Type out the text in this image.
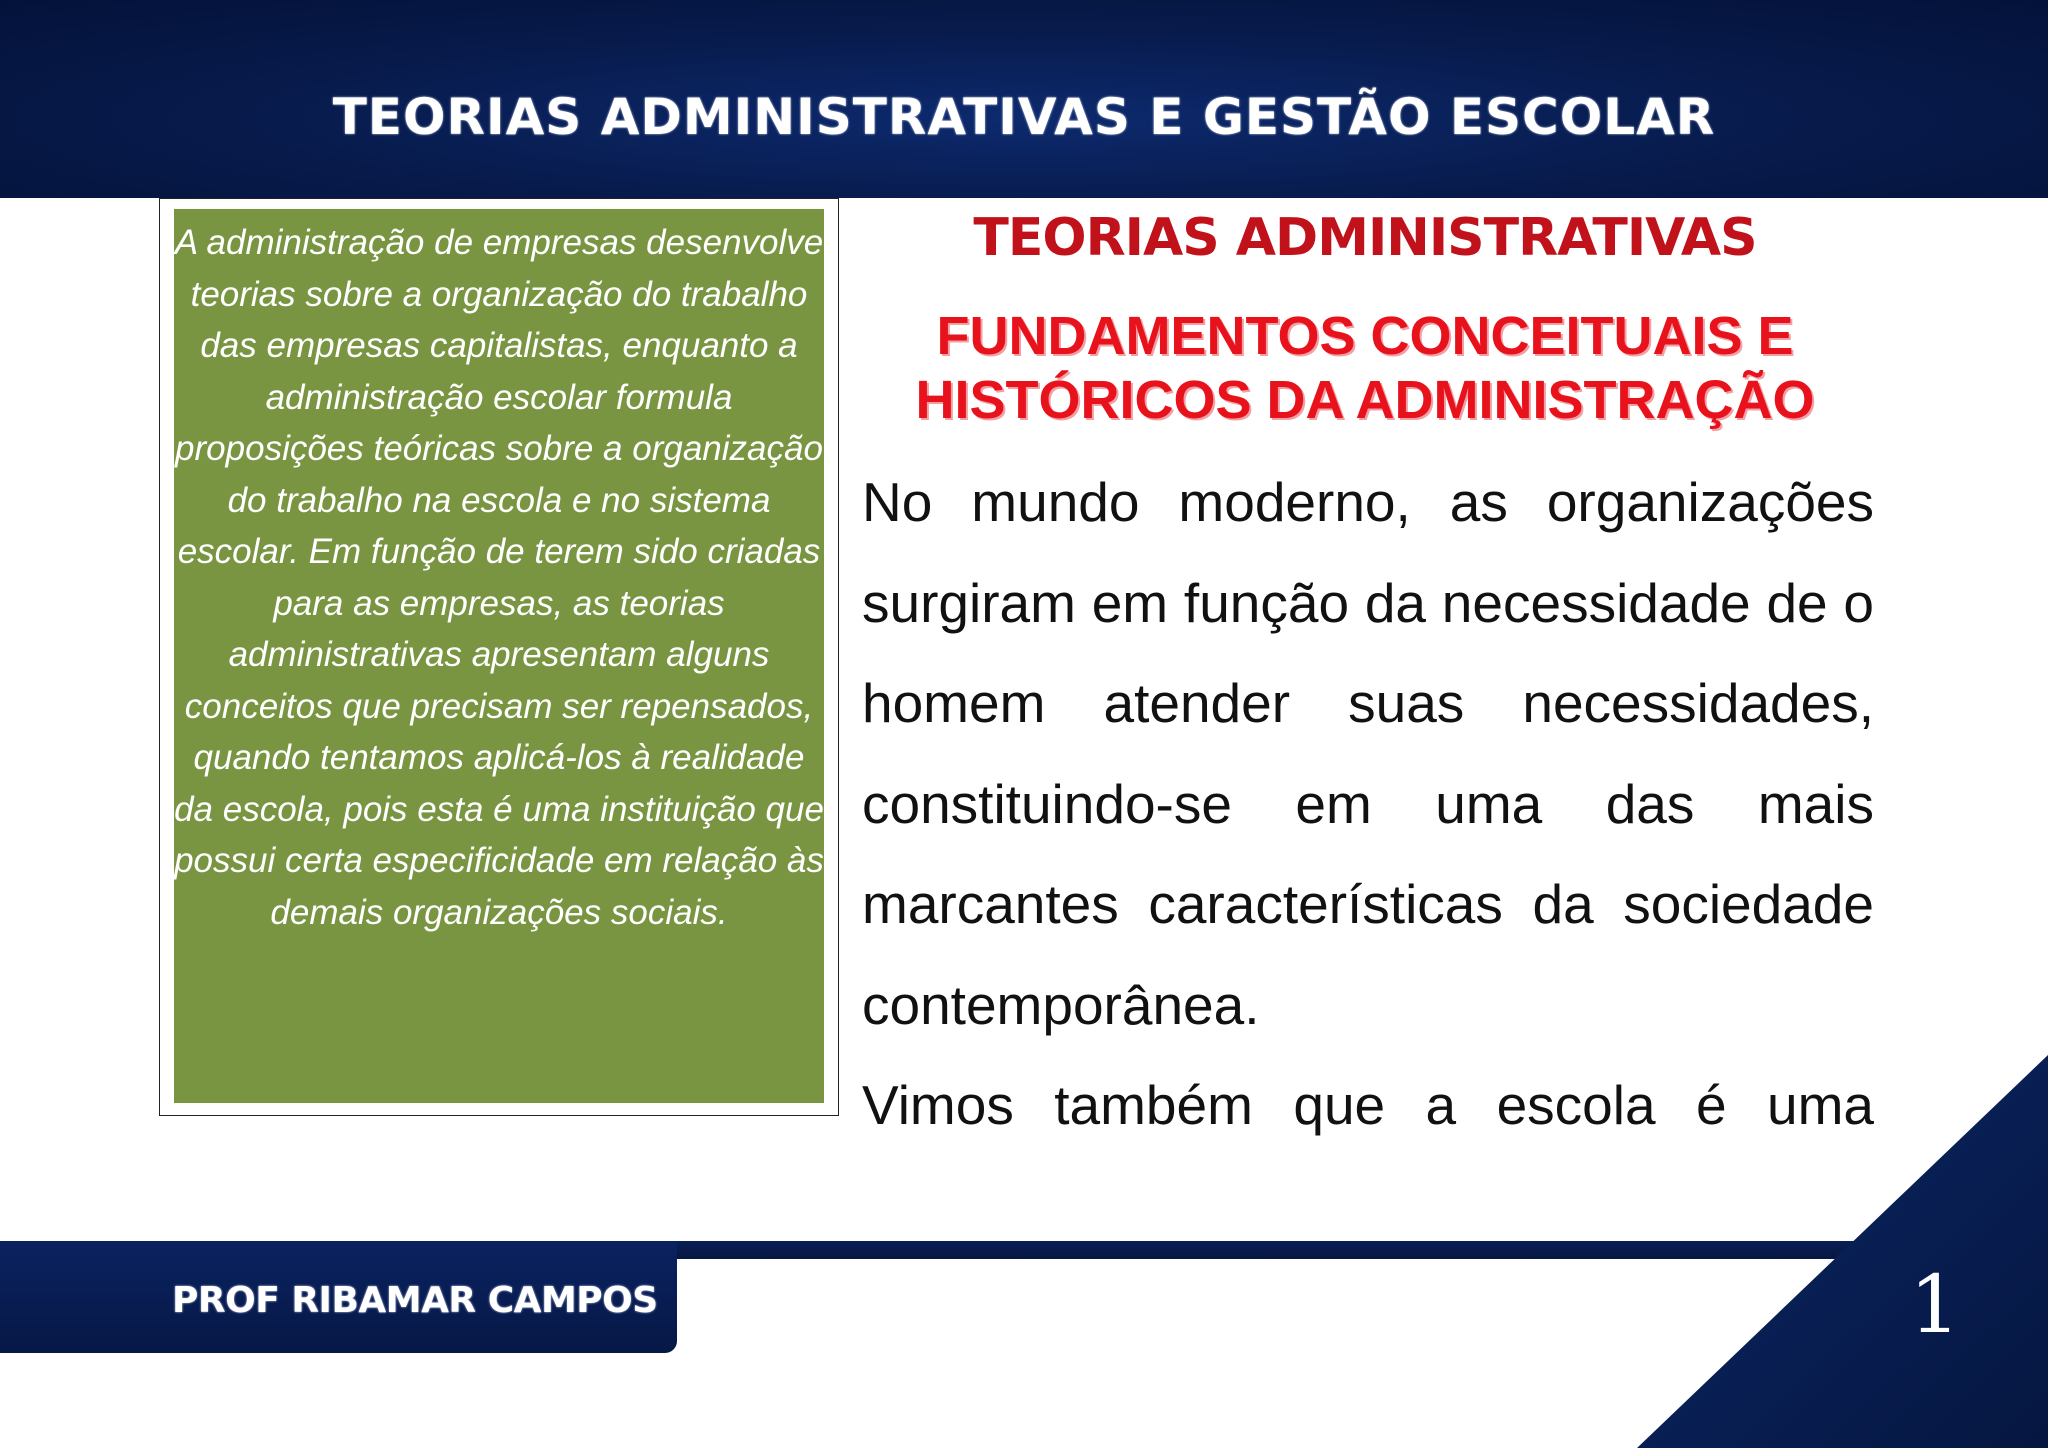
TEORIAS ADMINISTRATIVAS E GESTÃO ESCOLAR
A administração de empresas desenvolve teorias sobre a organização do trabalho das empresas capitalistas, enquanto a administração escolar formula proposições teóricas sobre a organização do trabalho na escola e no sistema escolar. Em função de terem sido criadas para as empresas, as teorias administrativas apresentam alguns conceitos que precisam ser repensados, quando tentamos aplicá-los à realidade da escola, pois esta é uma instituição que possui certa especificidade em relação às demais organizações sociais.
TEORIAS ADMINISTRATIVAS
FUNDAMENTOS CONCEITUAIS E HISTÓRICOS DA ADMINISTRAÇÃO

No mundo moderno, as organizações surgiram em função da necessidade de o homem atender suas necessidades, constituindo-se em uma das mais marcantes características da sociedade contemporânea.

Vimos também que a escola é uma

PROF RIBAMAR CAMPOS	1
